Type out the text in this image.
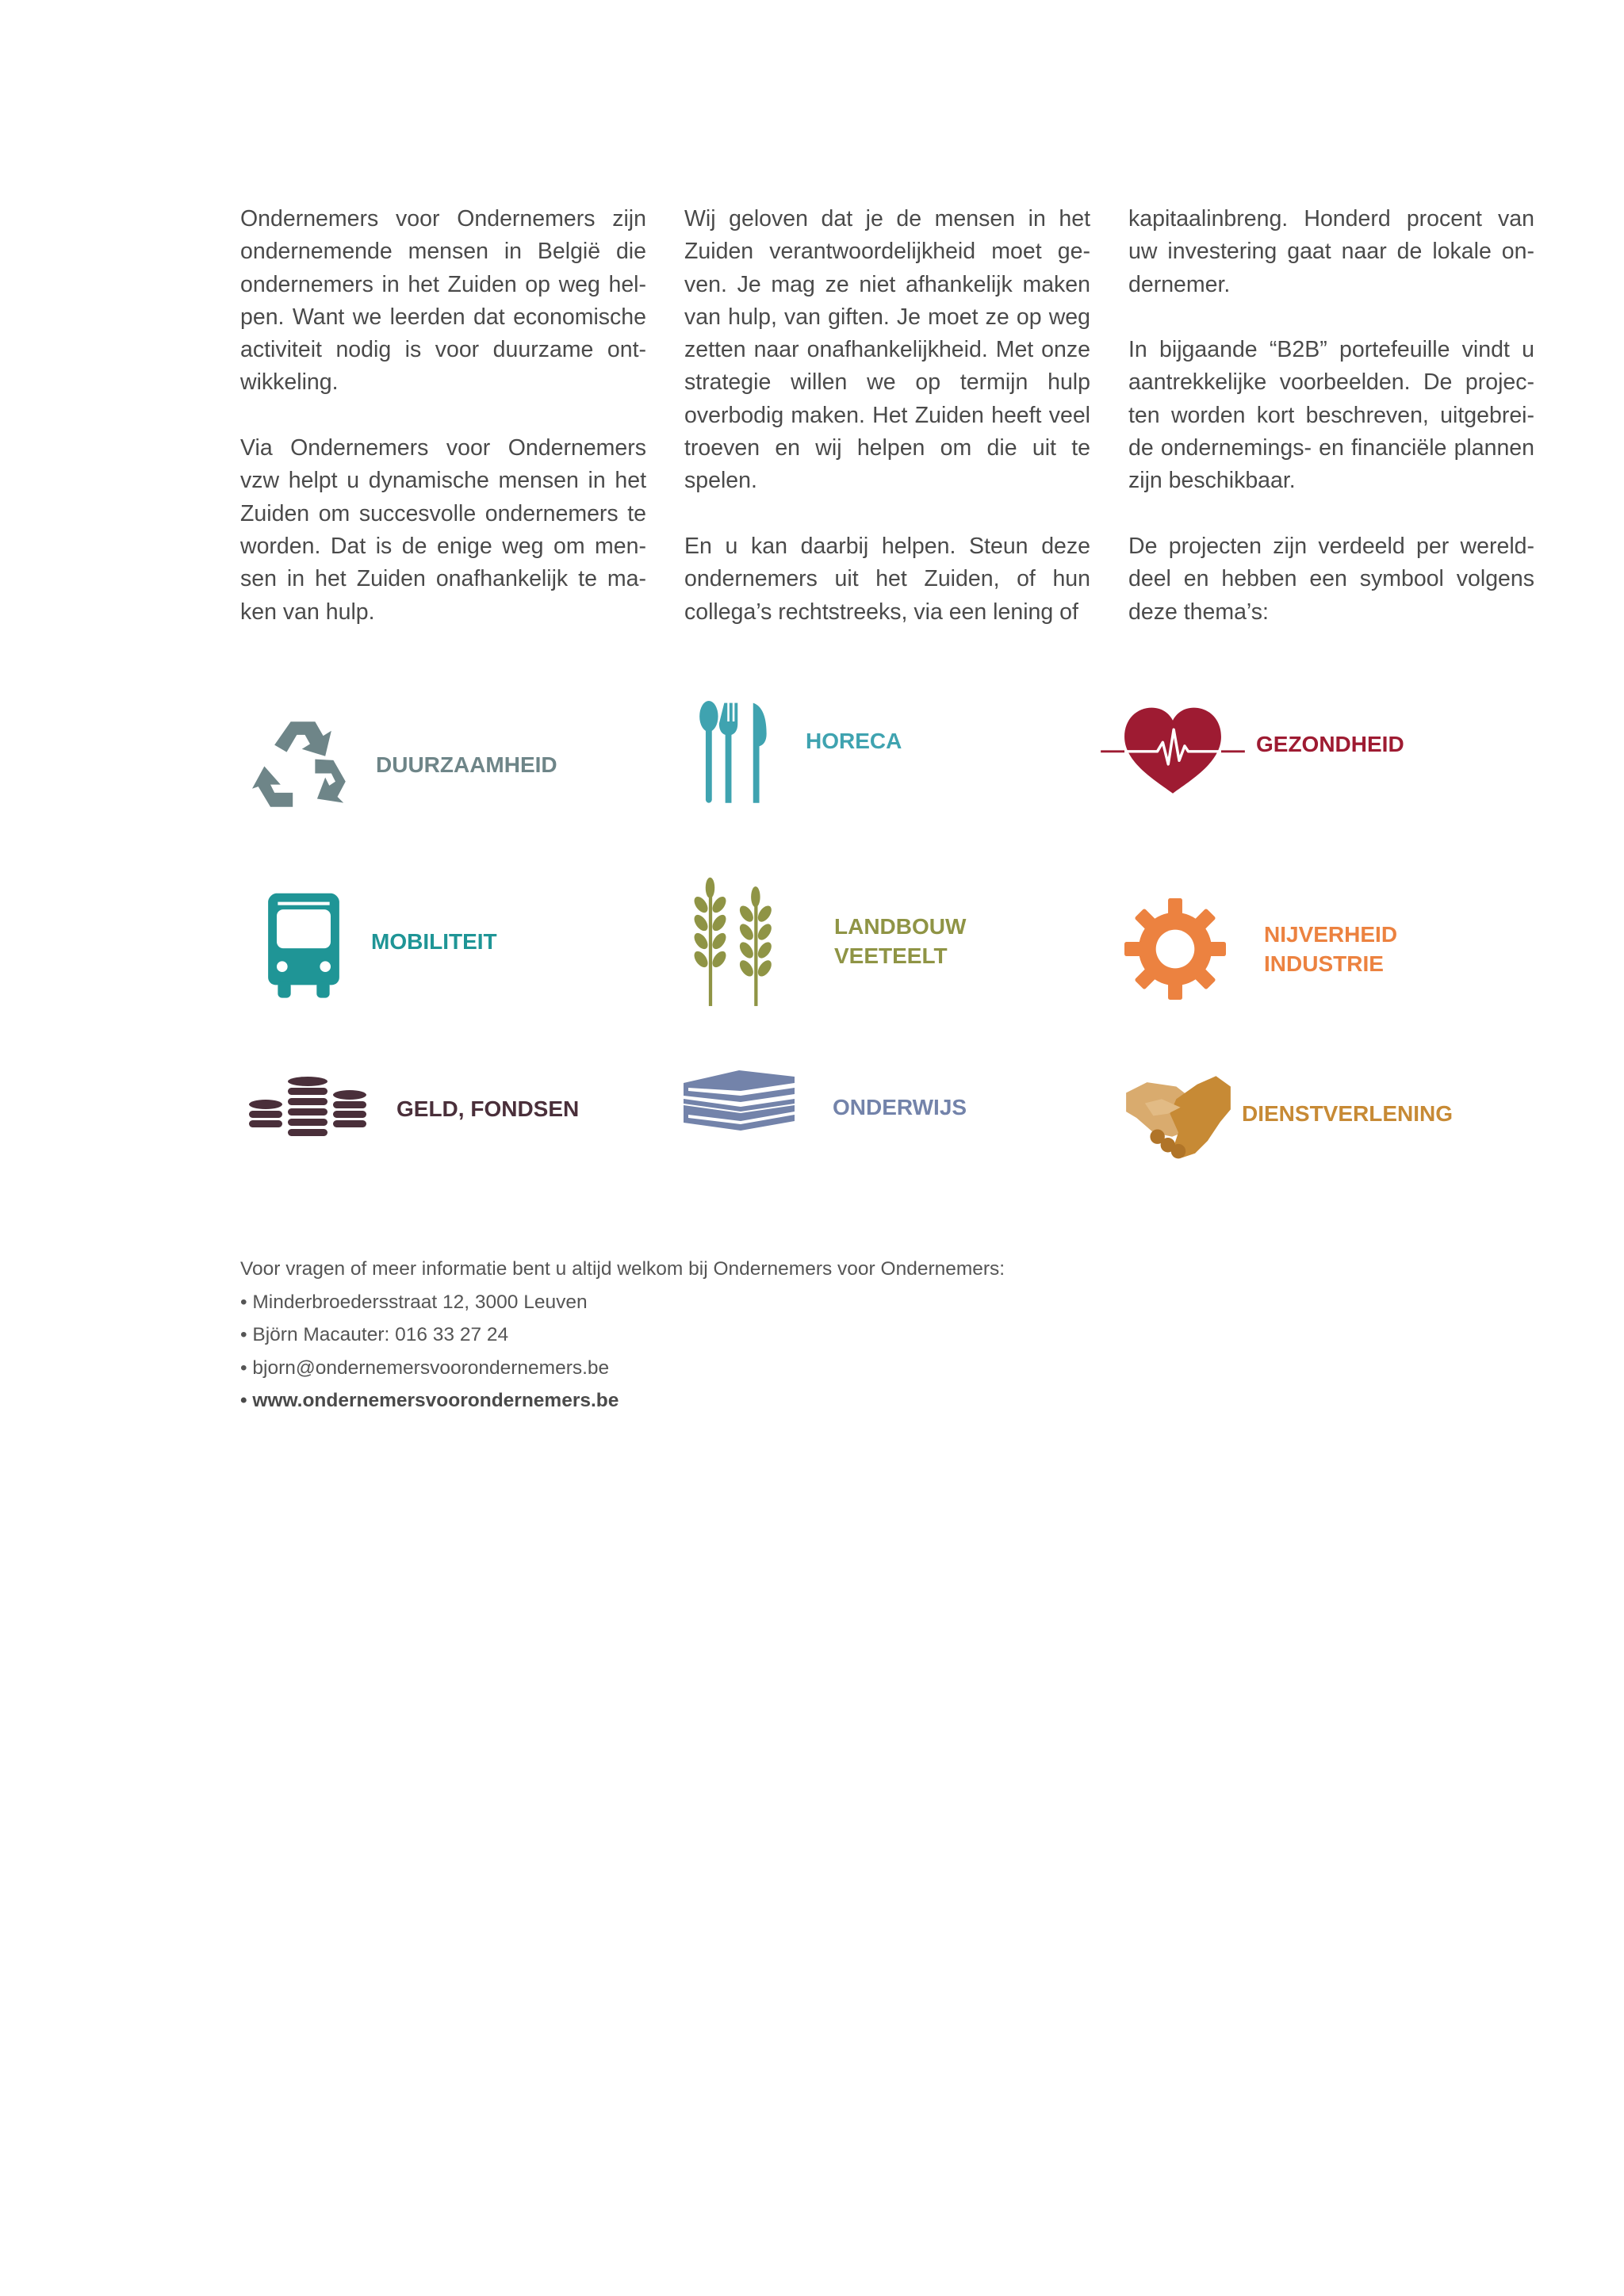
Ondernemers voor Ondernemers zijn ondernemende mensen in België die ondernemers in het Zuiden op weg hel-pen. Want we leerden dat economische activiteit nodig is voor duurzame ont-wikkeling.

Via Ondernemers voor Ondernemers vzw helpt u dynamische mensen in het Zuiden om succesvolle ondernemers te worden. Dat is de enige weg om men-sen in het Zuiden onafhankelijk te ma-ken van hulp.

Wij geloven dat je de mensen in het Zuiden verantwoordelijkheid moet ge-ven. Je mag ze niet afhankelijk maken van hulp, van giften. Je moet ze op weg zetten naar onafhankelijkheid. Met onze strategie willen we op termijn hulp overbodig maken. Het Zuiden heeft veel troeven en wij helpen om die uit te spelen.

En u kan daarbij helpen. Steun deze ondernemers uit het Zuiden, of hun collega’s rechtstreeks, via een lening of

kapitaalinbreng. Honderd procent van uw investering gaat naar de lokale on-dernemer.

In bijgaande “B2B” portefeuille vindt u aantrekkelijke voorbeelden. De projec-ten worden kort beschreven, uitgebrei-de ondernemings- en financiële plannen zijn beschikbaar.

De projecten zijn verdeeld per wereld-deel en hebben een symbool volgens deze thema’s:

DUURZAAMHEID
HORECA	GEZONDHEID
MOBILITEIT
LANDBOUW
VEETEELT
NIJVERHEID
INDUSTRIE
GELD, FONDSEN	ONDERWIJS	DIENSTVERLENING
Voor vragen of meer informatie bent u altijd welkom bij Ondernemers voor Ondernemers:
• Minderbroedersstraat 12, 3000 Leuven
• Björn Macauter: 016 33 27 24
• bjorn@ondernemersvoorondernemers.be
• www.ondernemersvoorondernemers.be
